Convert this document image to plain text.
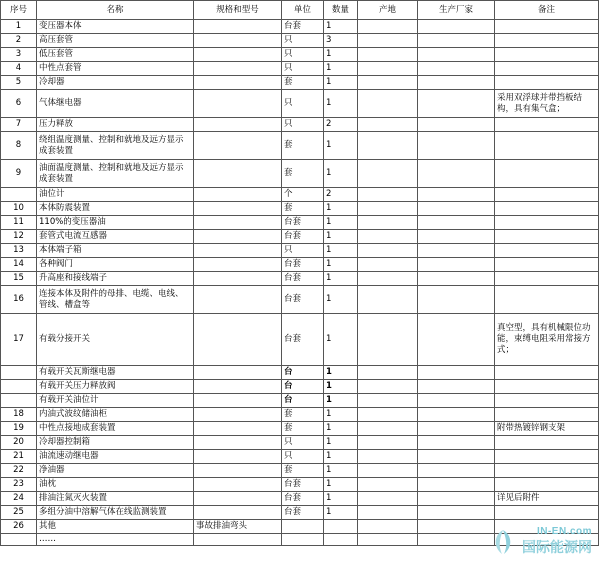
序号	名称	规格和型号	单位	数量	产地	生产厂家	备注
1	变压器本体		台套	1			
2	高压套管		只	3			
3	低压套管		只	1			
4	中性点套管		只	1			
5	冷却器		套	1			
6	气体继电器		只	1			采用双浮球并带挡板结构，具有集气盒；
7	压力释放		只	2			
8	绕组温度测量、控制和就地及远方显示成套装置		套	1			
9	油面温度测量、控制和就地及远方显示成套装置		套	1			
	油位计		个	2			
10	本体防震装置		套	1			
11	110%的变压器油		台套	1			
12	套管式电流互感器		台套	1			
13	本体端子箱		只	1			
14	各种阀门		台套	1			
15	升高座和接线端子		台套	1			
16	连接本体及附件的母排、电缆、电线、管线、槽盒等		台套	1			
17	有载分接开关		台套	1			真空型，具有机械限位功能，束缚电阻采用常接方式；
	有载开关瓦斯继电器		台	1			
	有载开关压力释放阀		台	1			
	有载开关油位计		台	1			
18	内油式波纹储油柜		套	1			
19	中性点接地成套装置		套	1			附带热镀锌钢支架
20	冷却器控制箱		只	1			
21	油流速动继电器		只	1			
22	净油器		套	1			
23	油枕		台套	1			
24	排油注氮灭火装置		台套	1			详见后附件
25	多组分油中溶解气体在线监测装置		台套	1			
26	其他	事故排油弯头					
	……						
IN-EN.com
国际能源网
